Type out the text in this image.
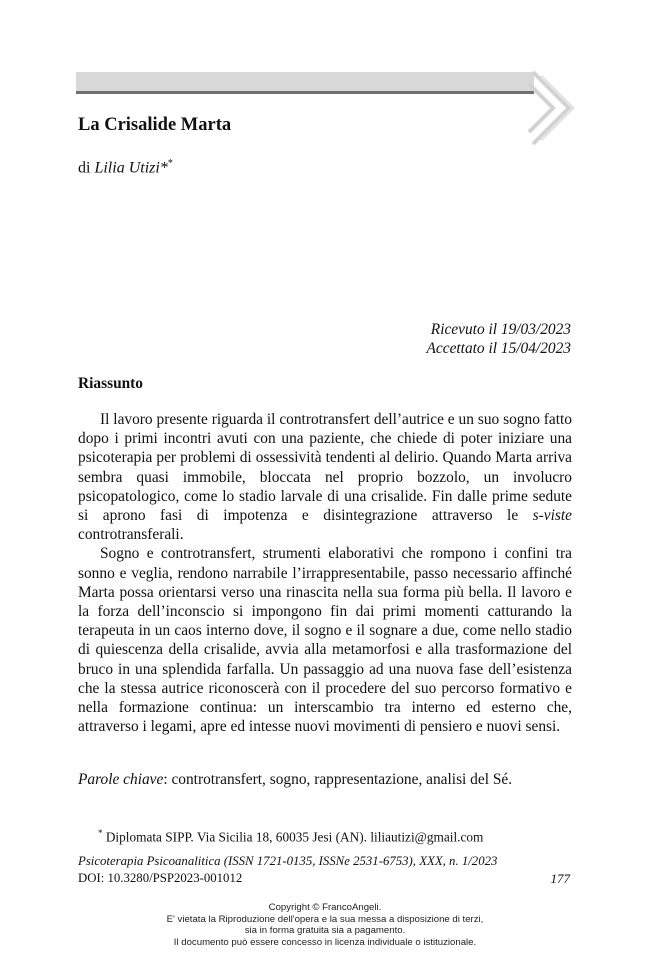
La Crisalide Marta
di Lilia Utizi**
Ricevuto il 19/03/2023
Accettato il 15/04/2023
Riassunto

Il lavoro presente riguarda il controtransfert dell’autrice e un suo sogno fatto dopo i primi incontri avuti con una paziente, che chiede di poter iniziare una psicoterapia per problemi di ossessività tendenti al delirio. Quando Marta arriva sembra quasi immobile, bloccata nel proprio bozzolo, un involucro psicopatologico, come lo stadio larvale di una crisalide. Fin dalle prime sedute si aprono fasi di impotenza e disintegrazione attraverso le s-viste controtransferali.

Sogno e controtransfert, strumenti elaborativi che rompono i confini tra sonno e veglia, rendono narrabile l’irrappresentabile, passo necessario affinché Marta possa orientarsi verso una rinascita nella sua forma più bella. Il lavoro e la forza dell’inconscio si impongono fin dai primi momenti catturando la terapeuta in un caos interno dove, il sogno e il sognare a due, come nello stadio di quiescenza della crisalide, avvia alla metamorfosi e alla trasformazione del bruco in una splendida farfalla. Un passaggio ad una nuova fase dell’esistenza che la stessa autrice riconoscerà con il procedere del suo percorso formativo e nella formazione continua: un interscambio tra interno ed esterno che, attraverso i legami, apre ed intesse nuovi movimenti di pensiero e nuovi sensi.

Parole chiave: controtransfert, sogno, rappresentazione, analisi del Sé.
* Diplomata SIPP. Via Sicilia 18, 60035 Jesi (AN). liliautizi@gmail.com
Psicoterapia Psicoanalitica (ISSN 1721-0135, ISSNe 2531-6753), XXX, n. 1/2023
DOI: 10.3280/PSP2023-001012	177
Copyright © FrancoAngeli.
E' vietata la Riproduzione dell'opera e la sua messa a disposizione di terzi,
sia in forma gratuita sia a pagamento.
Il documento può essere concesso in licenza individuale o istituzionale.
